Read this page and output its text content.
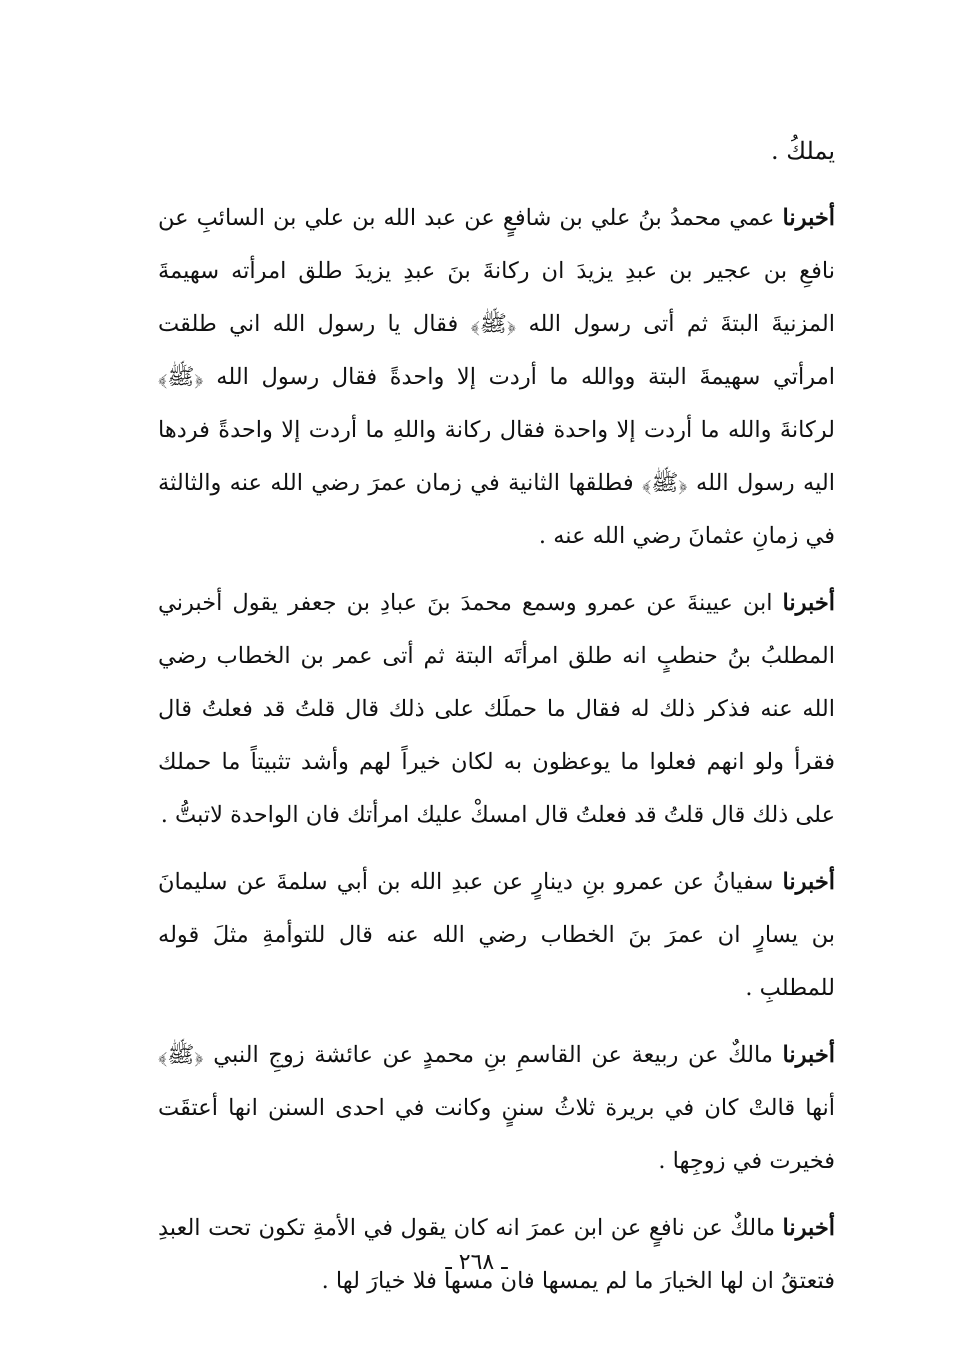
يملكُ .

أخبرنا عمي محمدُ بنُ علي بن شافعٍ عن عبد الله بن علي بن السائبِ عن نافعِ بن عجير بن عبدِ يزيدَ ان ركانةَ بنَ عبدِ يزيدَ طلق امرأته سهيمةَ المزنيةَ البتةَ ثم أتى رسول الله ﴿ﷺ﴾ فقال يا رسول الله اني طلقت امرأتي سهيمةَ البتة ووالله ما أردت إلا واحدةً فقال رسول الله ﴿ﷺ﴾ لركانةَ والله ما أردت إلا واحدة فقال ركانة واللهِ ما أردت إلا واحدةً فردها اليه رسول الله ﴿ﷺ﴾ فطلقها الثانية في زمان عمرَ رضي الله عنه والثالثة في زمانِ عثمانَ رضي الله عنه .

أخبرنا ابن عيينةَ عن عمرو وسمع محمدَ بنَ عبادِ بن جعفر يقول أخبرني المطلبُ بنُ حنطبٍ انه طلق امرأتَه البتة ثم أتى عمر بن الخطاب رضي الله عنه فذكر ذلك له فقال ما حملَك على ذلك قال قلتُ قد فعلتُ قال فقرأ ولو انهم فعلوا ما يوعظون به لكان خيراً لهم وأشد تثبيتاً ما حملك على ذلك قال قلتُ قد فعلتُ قال امسكْ عليك امرأتك فان الواحدة لاتبتُّ .

أخبرنا سفيانُ عن عمرو بنِ دينارٍ عن عبدِ الله بن أبي سلمةَ عن سليمانَ بن يسارٍ ان عمرَ بنَ الخطاب رضي الله عنه قال للتوأمةِ مثلَ قوله للمطلبِ .

أخبرنا مالكٌ عن ربيعة عن القاسمِ بنِ محمدٍ عن عائشة زوجِ النبي ﴿ﷺ﴾ أنها قالتْ كان في بريرة ثلاثُ سننٍ وكانت في احدى السنن انها أعتقَت فخيرت في زوجِها .

أخبرنا مالكٌ عن نافعٍ عن ابن عمرَ انه كان يقول في الأمةِ تكون تحت العبدِ فتعتقُ ان لها الخيارَ ما لم يمسها فان مسها فلا خيارَ لها .

ـ ٢٦٨ ـ
